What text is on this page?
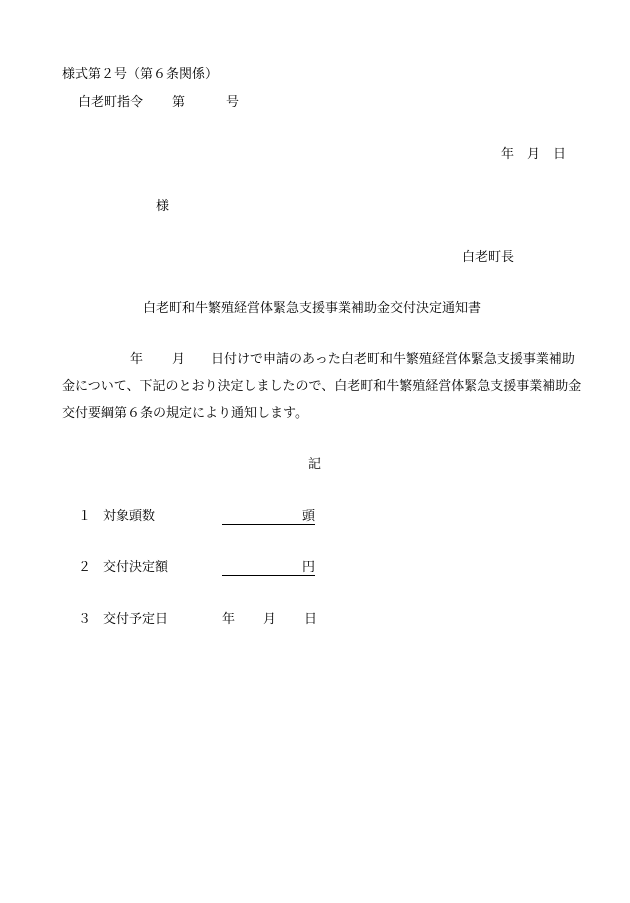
様式第２号（第６条関係）
白老町指令 第	号
年 月 日
様
白老町長
白老町和牛繁殖経営体緊急支援事業補助金交付決定通知書
年 月 日付けで申請のあった白老町和牛繁殖経営体緊急支援事業補助金について、下記のとおり決定しましたので、白老町和牛繁殖経営体緊急支援事業補助金交付要綱第６条の規定により通知します。
記
１ 対象頭数	頭
２ 交付決定額	円
３ 交付予定日	年 月 日
